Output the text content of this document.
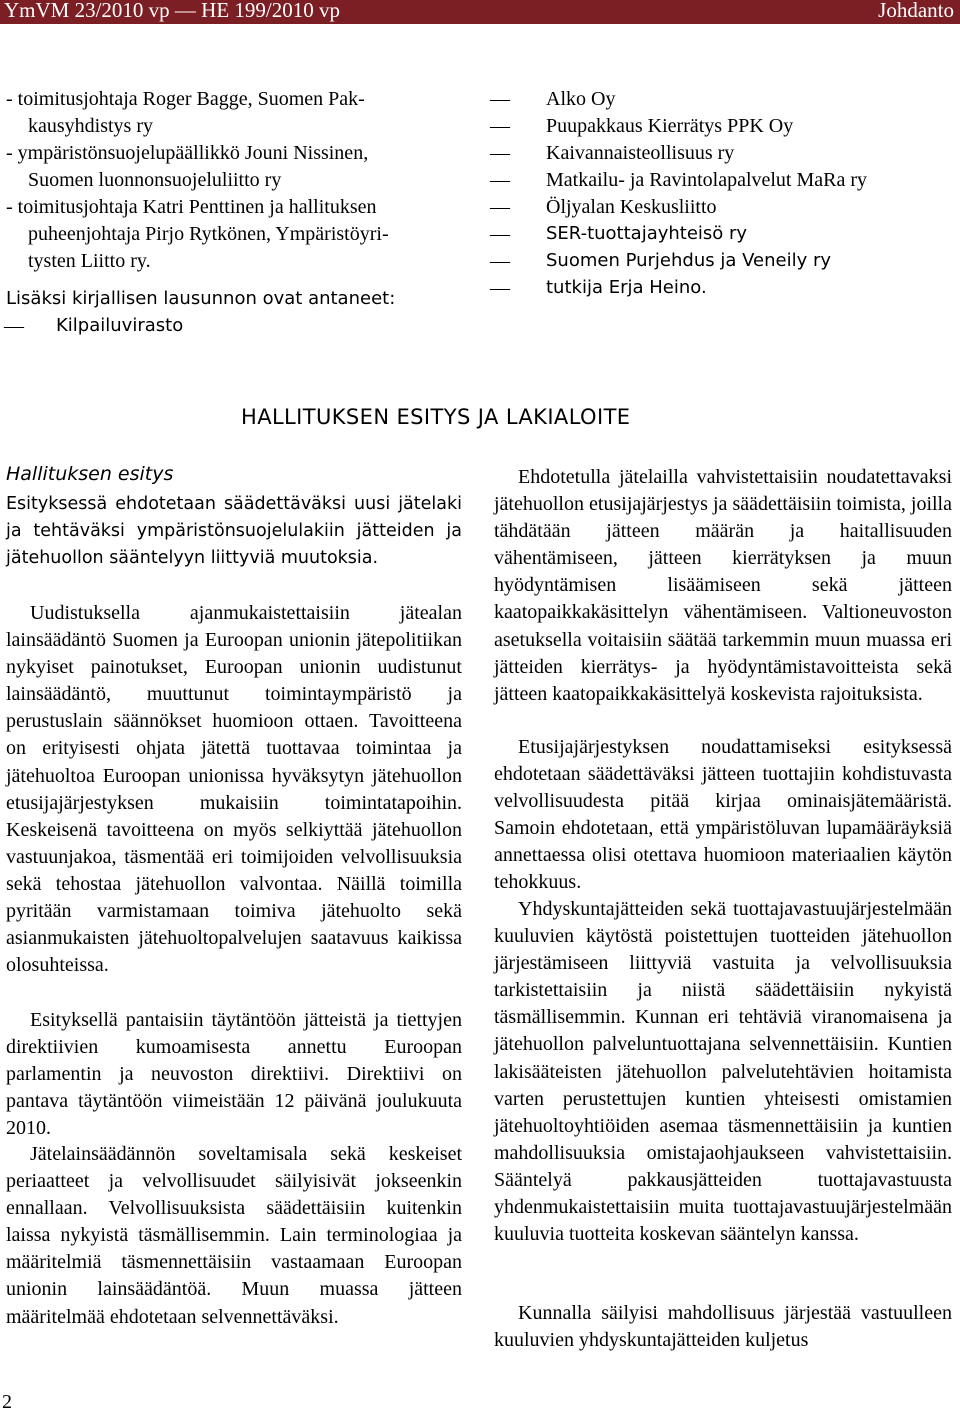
YmVM 23/2010 vp — HE 199/2010 vp	Johdanto
- toimitusjohtaja Roger Bagge, Suomen Pak-
kausyhdistys ry
- ympäristönsuojelupäällikkö Jouni Nissinen,
Suomen luonnonsuojeluliitto ry
- toimitusjohtaja Katri Penttinen ja hallituksen
puheenjohtaja Pirjo Rytkönen, Ympäristöyri-
tysten Liitto ry.
Lisäksi kirjallisen lausunnon ovat antaneet:
— Kilpailuvirasto
— Alko Oy
— Puupakkaus Kierrätys PPK Oy
— Kaivannaisteollisuus ry
— Matkailu- ja Ravintolapalvelut MaRa ry
— Öljyalan Keskusliitto
— SER-tuottajayhteisö ry
— Suomen Purjehdus ja Veneily ry
— tutkija Erja Heino.
HALLITUKSEN ESITYS JA LAKIALOITE
Hallituksen esitys
Esityksessä ehdotetaan säädettäväksi uusi jätelaki ja tehtäväksi ympäristönsuojelulakiin jätteiden ja jätehuollon sääntelyyn liittyviä muutoksia.
Uudistuksella ajanmukaistettaisiin jätealan lainsäädäntö Suomen ja Euroopan unionin jätepolitiikan nykyiset painotukset, Euroopan unionin uudistunut lainsäädäntö, muuttunut toimintaympäristö ja perustuslain säännökset huomioon ottaen. Tavoitteena on erityisesti ohjata jätettä tuottavaa toimintaa ja jätehuoltoa Euroopan unionissa hyväksytyn jätehuollon etusijajärjestyksen mukaisiin toimintatapoihin. Keskeisenä tavoitteena on myös selkiyttää jätehuollon vastuunjakoa, täsmentää eri toimijoiden velvollisuuksia sekä tehostaa jätehuollon valvontaa. Näillä toimilla pyritään varmistamaan toimiva jätehuolto sekä asianmukaisten jätehuoltopalvelujen saatavuus kaikissa olosuhteissa.
Esityksellä pantaisiin täytäntöön jätteistä ja tiettyjen direktiivien kumoamisesta annettu Euroopan parlamentin ja neuvoston direktiivi. Direktiivi on pantava täytäntöön viimeistään 12 päivänä joulukuuta 2010.
Jätelainsäädännön soveltamisala sekä keskeiset periaatteet ja velvollisuudet säilyisivät jokseenkin ennallaan. Velvollisuuksista säädettäisiin kuitenkin laissa nykyistä täsmällisemmin. Lain terminologiaa ja määritelmiä täsmennettäisiin vastaamaan Euroopan unionin lainsäädäntöä. Muun muassa jätteen määritelmää ehdotetaan selvennettäväksi.
Ehdotetulla jätelailla vahvistettaisiin noudatettavaksi jätehuollon etusijajärjestys ja säädettäisiin toimista, joilla tähdätään jätteen määrän ja haitallisuuden vähentämiseen, jätteen kierrätyksen ja muun hyödyntämisen lisäämiseen sekä jätteen kaatopaikkakäsittelyn vähentämiseen. Valtioneuvoston asetuksella voitaisiin säätää tarkemmin muun muassa eri jätteiden kierrätys- ja hyödyntämistavoitteista sekä jätteen kaatopaikkakäsittelyä koskevista rajoituksista.
Etusijajärjestyksen noudattamiseksi esityksessä ehdotetaan säädettäväksi jätteen tuottajiin kohdistuvasta velvollisuudesta pitää kirjaa ominaisjätemääristä. Samoin ehdotetaan, että ympäristöluvan lupamääräyksiä annettaessa olisi otettava huomioon materiaalien käytön tehokkuus.
Yhdyskuntajätteiden sekä tuottajavastuujärjestelmään kuuluvien käytöstä poistettujen tuotteiden jätehuollon järjestämiseen liittyviä vastuita ja velvollisuuksia tarkistettaisiin ja niistä säädettäisiin nykyistä täsmällisemmin. Kunnan eri tehtäviä viranomaisena ja jätehuollon palveluntuottajana selvennettäisiin. Kuntien lakisääteisten jätehuollon palvelutehtävien hoitamista varten perustettujen kuntien yhteisesti omistamien jätehuoltoyhtiöiden asemaa täsmennettäisiin ja kuntien mahdollisuuksia omistajaohjaukseen vahvistettaisiin. Sääntelyä pakkausjätteiden tuottajavastuusta yhdenmukaistettaisiin muita tuottajavastuujärjestelmään kuuluvia tuotteita koskevan sääntelyn kanssa.
Kunnalla säilyisi mahdollisuus järjestää vastuulleen kuuluvien yhdyskuntajätteiden kuljetus
2
